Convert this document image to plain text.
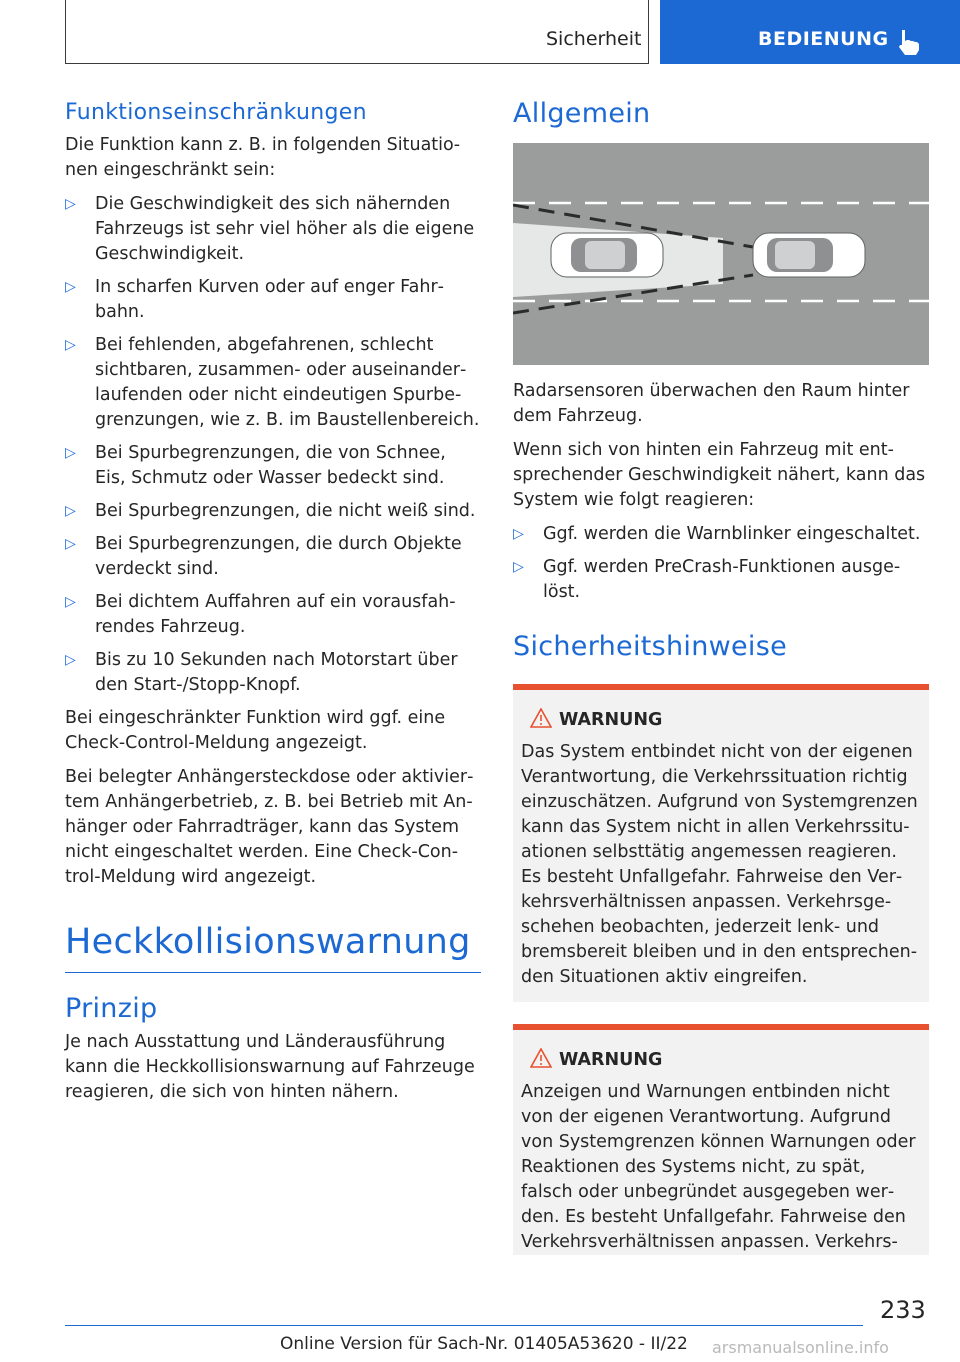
Sicherheit	BEDIENUNG
Funktionseinschränkungen

Die Funktion kann z. B. in folgenden Situationen eingeschränkt sein:

▷ Die Geschwindigkeit des sich nähernden Fahrzeugs ist sehr viel höher als die eigene Geschwindigkeit.
▷ In scharfen Kurven oder auf enger Fahrbahn.
▷ Bei fehlenden, abgefahrenen, schlecht sichtbaren, zusammen- oder auseinanderlaufenden oder nicht eindeutigen Spurbegrenzungen, wie z. B. im Baustellenbereich.
▷ Bei Spurbegrenzungen, die von Schnee, Eis, Schmutz oder Wasser bedeckt sind.
▷ Bei Spurbegrenzungen, die nicht weiß sind.
▷ Bei Spurbegrenzungen, die durch Objekte verdeckt sind.
▷ Bei dichtem Auffahren auf ein vorausfahrendes Fahrzeug.
▷ Bis zu 10 Sekunden nach Motorstart über den Start-/Stopp-Knopf.

Bei eingeschränkter Funktion wird ggf. eine Check-Control-Meldung angezeigt.

Bei belegter Anhängersteckdose oder aktiviertem Anhängerbetrieb, z. B. bei Betrieb mit Anhänger oder Fahrradträger, kann das System nicht eingeschaltet werden. Eine Check-Control-Meldung wird angezeigt.

Heckkollisionswarnung
Prinzip

Je nach Ausstattung und Länderausführung kann die Heckkollisionswarnung auf Fahrzeuge reagieren, die sich von hinten nähern.

Allgemein

Radarsensoren überwachen den Raum hinter dem Fahrzeug.

Wenn sich von hinten ein Fahrzeug mit entsprechender Geschwindigkeit nähert, kann das System wie folgt reagieren:

▷ Ggf. werden die Warnblinker eingeschaltet.
▷ Ggf. werden PreCrash-Funktionen ausgelöst.
Sicherheitshinweise
WARNUNG
Das System entbindet nicht von der eigenen Verantwortung, die Verkehrssituation richtig einzuschätzen. Aufgrund von Systemgrenzen kann das System nicht in allen Verkehrssituationen selbsttätig angemessen reagieren. Es besteht Unfallgefahr. Fahrweise den Verkehrsverhältnissen anpassen. Verkehrsgeschehen beobachten, jederzeit lenk- und bremsbereit bleiben und in den entsprechenden Situationen aktiv eingreifen.
WARNUNG
Anzeigen und Warnungen entbinden nicht von der eigenen Verantwortung. Aufgrund von Systemgrenzen können Warnungen oder Reaktionen des Systems nicht, zu spät, falsch oder unbegründet ausgegeben werden. Es besteht Unfallgefahr. Fahrweise den Verkehrsverhältnissen anpassen. Verkehrs-
233
Online Version für Sach-Nr. 01405A53620 - II/22 arsmanualsonline.info
